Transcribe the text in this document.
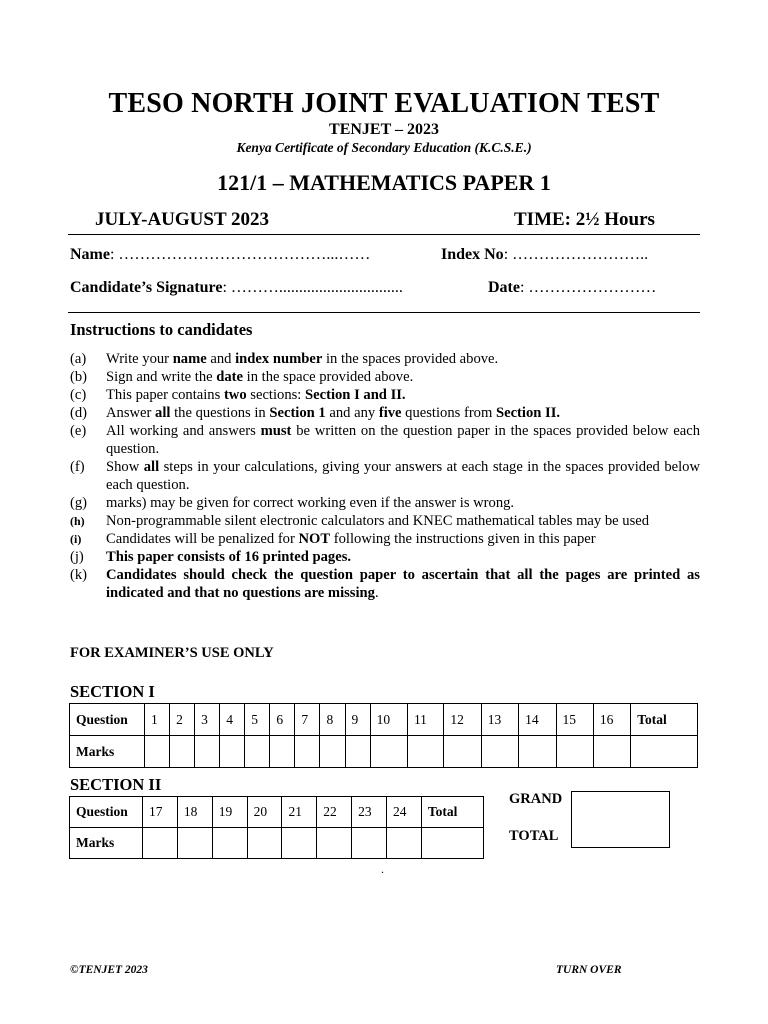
TESO NORTH JOINT EVALUATION TEST
TENJET – 2023
Kenya Certificate of Secondary Education (K.C.S.E.)
121/1 – MATHEMATICS PAPER 1
JULY-AUGUST 2023	TIME: 2½ Hours
Name: …………………………………...……	Index No: ……………………..
Candidate’s Signature: ………...............................	Date: ……………………
Instructions to candidates
(a)	Write your name and index number in the spaces provided above.
(b)	Sign and write the date in the space provided above.
(c)	This paper contains two sections: Section I and II.
(d)	Answer all the questions in Section 1 and any five questions from Section II.
(e)	All working and answers must be written on the question paper in the spaces provided below each question.
(f)	Show all steps in your calculations, giving your answers at each stage in the spaces provided below each question.
(g)	marks) may be given for correct working even if the answer is wrong.
(h)	Non-programmable silent electronic calculators and KNEC mathematical tables may be used
(i)	Candidates will be penalized for NOT following the instructions given in this paper
(j)	This paper consists of 16 printed pages.
(k)	Candidates should check the question paper to ascertain that all the pages are printed as indicated and that no questions are missing.
FOR EXAMINER’S USE ONLY
SECTION I
Question	1	2	3	4	5	6	7	8	9	10	11	12	13	14	15	16	Total
Marks																	
SECTION II
Question	17	18	19	20	21	22	23	24	Total
Marks									
GRAND
TOTAL
.
©TENJET 2023	TURN OVER
